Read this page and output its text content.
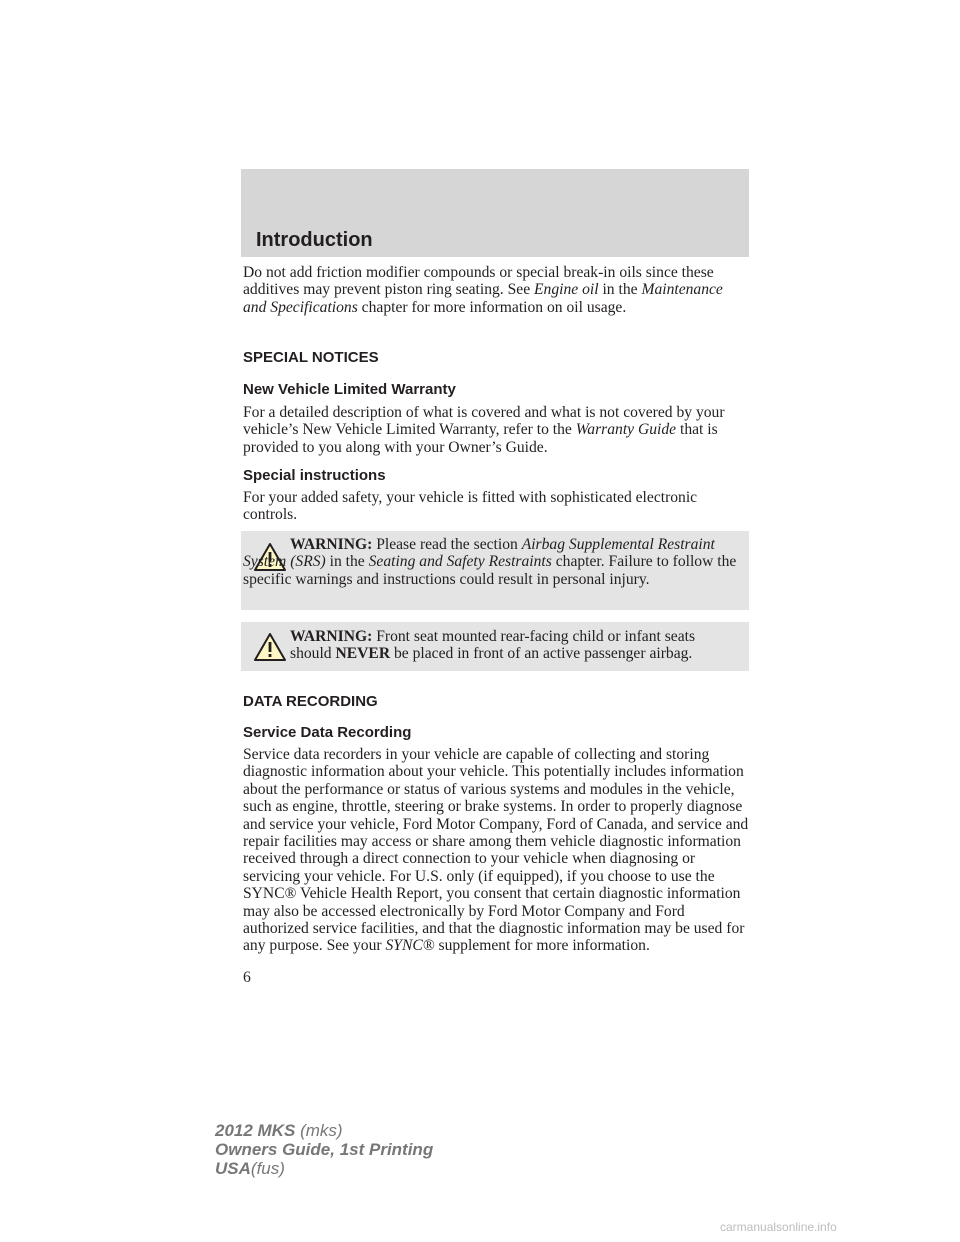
Introduction

Do not add friction modifier compounds or special break-in oils since these additives may prevent piston ring seating. See Engine oil in the Maintenance and Specifications chapter for more information on oil usage.

SPECIAL NOTICES
New Vehicle Limited Warranty

For a detailed description of what is covered and what is not covered by your vehicle’s New Vehicle Limited Warranty, refer to the Warranty Guide that is provided to you along with your Owner’s Guide.

Special instructions

For your added safety, your vehicle is fitted with sophisticated electronic controls.

WARNING: Please read the section Airbag Supplemental Restraint System (SRS) in the Seating and Safety Restraints chapter. Failure to follow the specific warnings and instructions could result in personal injury.

WARNING: Front seat mounted rear-facing child or infant seats should NEVER be placed in front of an active passenger airbag.

DATA RECORDING
Service Data Recording

Service data recorders in your vehicle are capable of collecting and storing diagnostic information about your vehicle. This potentially includes information about the performance or status of various systems and modules in the vehicle, such as engine, throttle, steering or brake systems. In order to properly diagnose and service your vehicle, Ford Motor Company, Ford of Canada, and service and repair facilities may access or share among them vehicle diagnostic information received through a direct connection to your vehicle when diagnosing or servicing your vehicle. For U.S. only (if equipped), if you choose to use the SYNC® Vehicle Health Report, you consent that certain diagnostic information may also be accessed electronically by Ford Motor Company and Ford authorized service facilities, and that the diagnostic information may be used for any purpose. See your SYNC® supplement for more information.

6
2012 MKS (mks)
Owners Guide, 1st Printing
USA(fus)
carmanualsonline.info
